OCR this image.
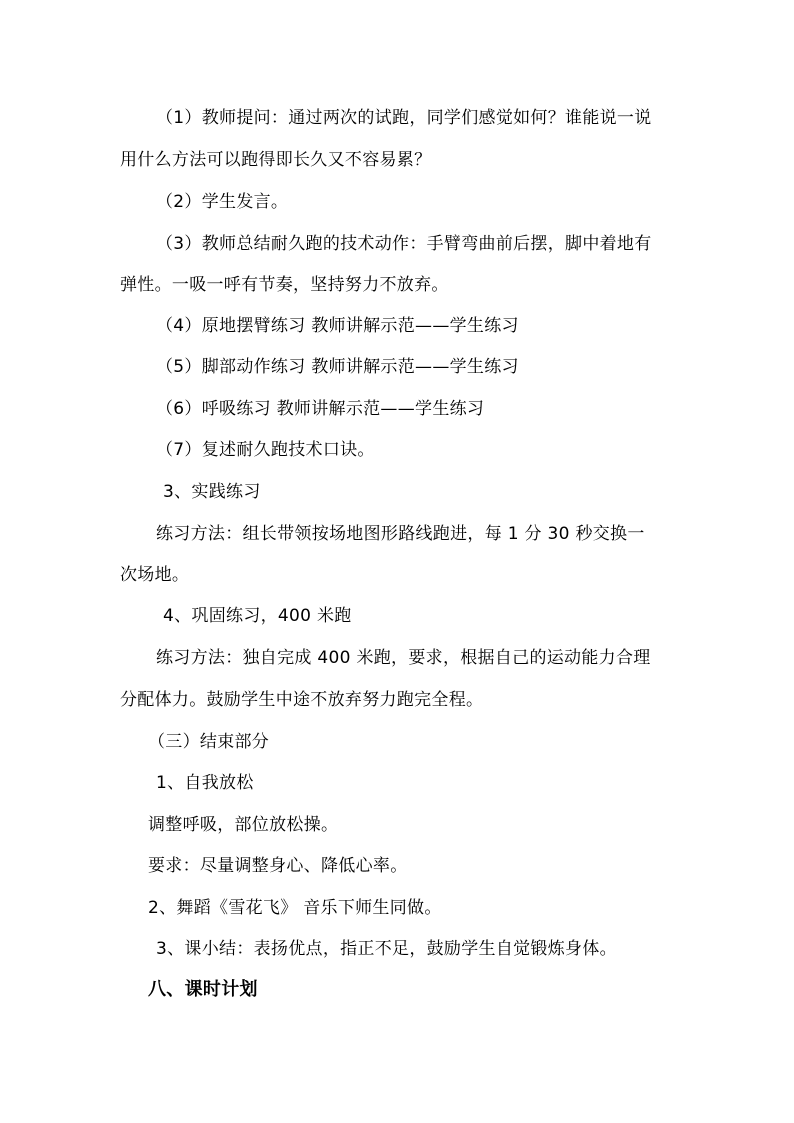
（1）教师提问：通过两次的试跑，同学们感觉如何？谁能说一说
用什么方法可以跑得即长久又不容易累？
（2）学生发言。
（3）教师总结耐久跑的技术动作：手臂弯曲前后摆，脚中着地有
弹性。一吸一呼有节奏，坚持努力不放弃。
（4）原地摆臂练习 教师讲解示范——学生练习
（5）脚部动作练习 教师讲解示范——学生练习
（6）呼吸练习 教师讲解示范——学生练习
（7）复述耐久跑技术口诀。
3、实践练习
练习方法：组长带领按场地图形路线跑进，每 1 分 30 秒交换一
次场地。
4、巩固练习，400 米跑
练习方法：独自完成 400 米跑，要求，根据自己的运动能力合理
分配体力。鼓励学生中途不放弃努力跑完全程。
（三）结束部分
1、自我放松
调整呼吸，部位放松操。
要求：尽量调整身心、降低心率。
2、舞蹈《雪花飞》 音乐下师生同做。
3、课小结：表扬优点，指正不足，鼓励学生自觉锻炼身体。
八、课时计划
